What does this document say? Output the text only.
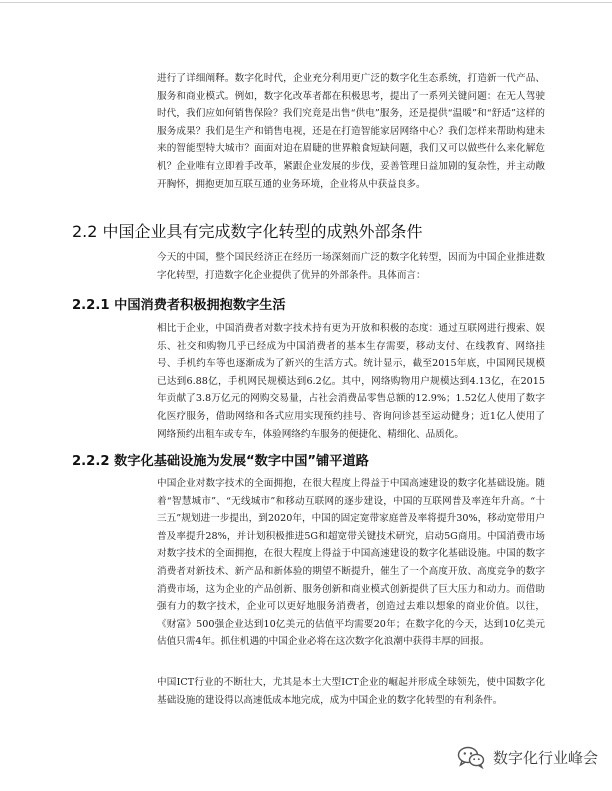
进行了详细阐释。数字化时代，企业充分利用更广泛的数字化生态系统，打造新一代产品、服务和商业模式。例如，数字化改革者都在积极思考，提出了一系列关键问题：在无人驾驶时代，我们应如何销售保险？我们究竟是出售“供电”服务，还是提供“温暖”和“舒适”这样的服务成果？我们是生产和销售电视，还是在打造智能家居网络中心？我们怎样来帮助构建未来的智能型特大城市？面面对迫在眉睫的世界粮食短缺问题，我们又可以做些什么来化解危机？企业唯有立即着手改革，紧跟企业发展的步伐，妥善管理日益加剧的复杂性，并主动敞开胸怀，拥抱更加互联互通的业务环境，企业将从中获益良多。

2.2 中国企业具有完成数字化转型的成熟外部条件

今天的中国，整个国民经济正在经历一场深刻而广泛的数字化转型，因而为中国企业推进数字化转型，打造数字化企业提供了优异的外部条件。具体而言：

2.2.1 中国消费者积极拥抱数字生活

相比于企业，中国消费者对数字技术持有更为开放和积极的态度：通过互联网进行搜索、娱乐、社交和购物几乎已经成为中国消费者的基本生存需要，移动支付、在线教育、网络挂号、手机约车等也逐渐成为了新兴的生活方式。统计显示，截至2015年底，中国网民规模已达到6.88亿，手机网民规模达到6.2亿。其中，网络购物用户规模达到4.13亿，在2015年贡献了3.8万亿元的网购交易量，占社会消费品零售总额的12.9%；1.52亿人使用了数字化医疗服务，借助网络和各式应用实现预约挂号、咨询问诊甚至运动健身；近1亿人使用了网络预约出租车或专车，体验网络约车服务的便捷化、精细化、品质化。

2.2.2 数字化基础设施为发展“数字中国”铺平道路

中国企业对数字技术的全面拥抱，在很大程度上得益于中国高速建设的数字化基础设施。随着“智慧城市”、“无线城市”和移动互联网的逐步建设，中国的互联网普及率连年升高。“十三五”规划进一步提出，到2020年，中国的固定宽带家庭普及率将提升30%，移动宽带用户普及率提升28%，并计划积极推进5G和超宽带关键技术研究，启动5G商用。中国消费市场对数字技术的全面拥抱，在很大程度上得益于中国高速建设的数字化基础设施。中国的数字消费者对新技术、新产品和新体验的期望不断提升，催生了一个高度开放、高度竞争的数字消费市场，这为企业的产品创新、服务创新和商业模式创新提供了巨大压力和动力。而借助强有力的数字技术，企业可以更好地服务消费者，创造过去难以想象的商业价值。以往，《财富》500强企业达到10亿美元的估值平均需要20年；在数字化的今天，达到10亿美元估值只需4年。抓住机遇的中国企业必将在这次数字化浪潮中获得丰厚的回报。

中国ICT行业的不断壮大，尤其是本土大型ICT企业的崛起并形成全球领先，使中国数字化基础设施的建设得以高速低成本地完成，成为中国企业的数字化转型的有利条件。

数字化行业峰会
